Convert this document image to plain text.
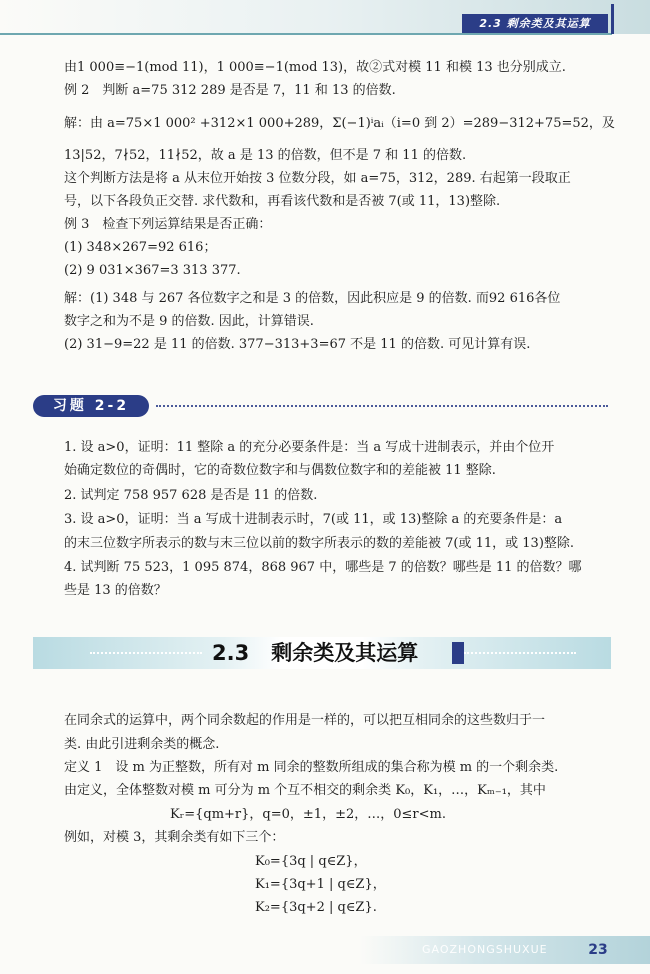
2.3 剩余类及其运算

由1 000≡−1(mod 11)，1 000≡−1(mod 13)，故②式对模 11 和模 13 也分别成立.

例 2　判断 a=75 312 289 是否是 7，11 和 13 的倍数.

解：由 a=75×1 000² +312×1 000+289，Σ(−1)ⁱaᵢ（i=0 到 2）=289−312+75=52，及

13|52，7∤52，11∤52，故 a 是 13 的倍数，但不是 7 和 11 的倍数.

这个判断方法是将 a 从末位开始按 3 位数分段，如 a=75，312，289. 右起第一段取正

号，以下各段负正交替. 求代数和，再看该代数和是否被 7(或 11，13)整除.

例 3　检查下列运算结果是否正确：

(1) 348×267=92 616；

(2) 9 031×367=3 313 377.

解：(1) 348 与 267 各位数字之和是 3 的倍数，因此积应是 9 的倍数. 而92 616各位

数字之和为不是 9 的倍数. 因此，计算错误.

(2) 31−9=22 是 11 的倍数. 377−313+3=67 不是 11 的倍数. 可见计算有误.

习题 2-2

1. 设 a>0，证明：11 整除 a 的充分必要条件是：当 a 写成十进制表示，并由个位开

始确定数位的奇偶时，它的奇数位数字和与偶数位数字和的差能被 11 整除.

2. 试判定 758 957 628 是否是 11 的倍数.

3. 设 a>0，证明：当 a 写成十进制表示时，7(或 11，或 13)整除 a 的充要条件是：a

的末三位数字所表示的数与末三位以前的数字所表示的数的差能被 7(或 11，或 13)整除.

4. 试判断 75 523，1 095 874，868 967 中，哪些是 7 的倍数？哪些是 11 的倍数？哪

些是 13 的倍数？

2.3 剩余类及其运算

在同余式的运算中，两个同余数起的作用是一样的，可以把互相同余的这些数归于一

类. 由此引进剩余类的概念.

定义 1　设 m 为正整数，所有对 m 同余的整数所组成的集合称为模 m 的一个剩余类.

由定义，全体整数对模 m 可分为 m 个互不相交的剩余类 K₀，K₁，…，Kₘ₋₁，其中

Kᵣ={qm+r}，q=0，±1，±2，…，0≤r<m.

例如，对模 3，其剩余类有如下三个：

K₀={3q | q∈Z}，

K₁={3q+1 | q∈Z}，

K₂={3q+2 | q∈Z}.

GAOZHONGSHUXUE	23
